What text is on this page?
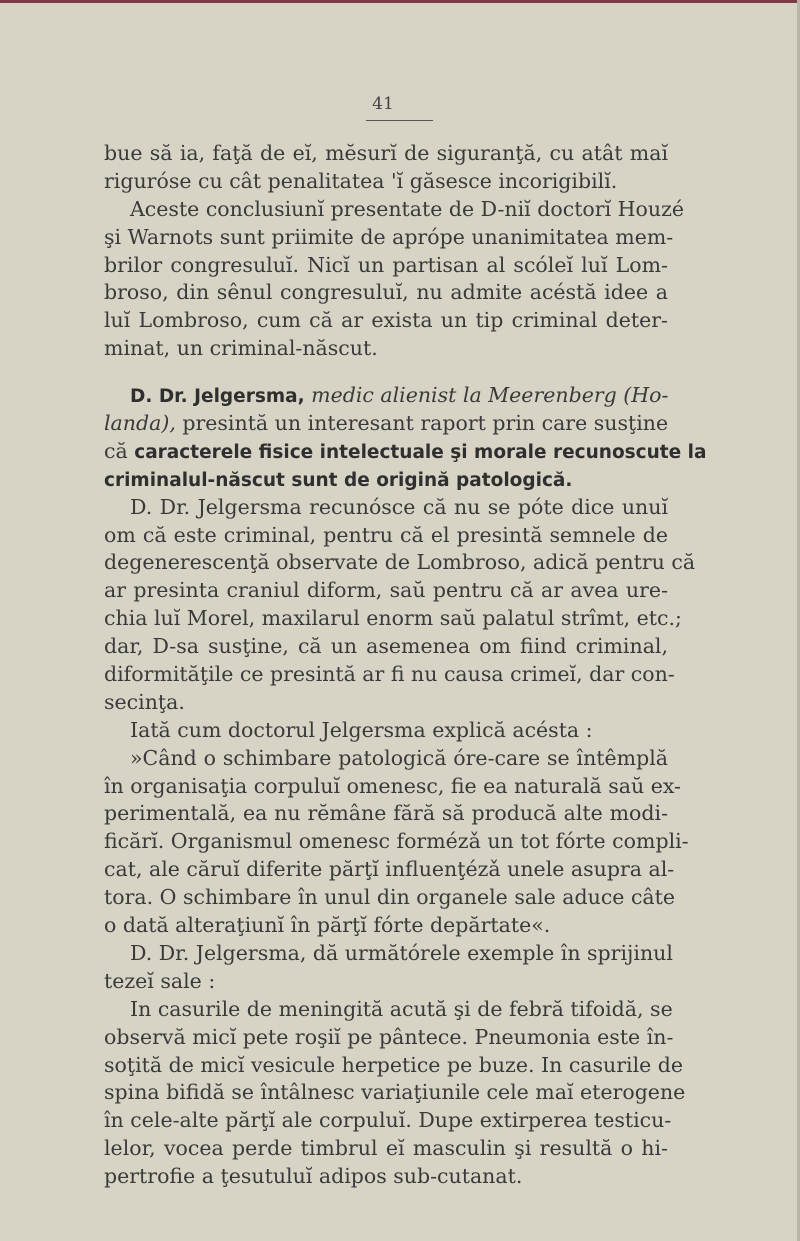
41
bue să ia, faţă de eĭ, mĕsurĭ de siguranţă, cu atât maĭ
riguróse cu cât penalitatea 'ĭ găsesce incorigibilĭ.
Aceste conclusiunĭ presentate de D-niĭ doctorĭ Houzé
şi Warnots sunt priimite de aprópe unanimitatea mem-
brilor congresuluĭ. Nicĭ un partisan al scóleĭ luĭ Lom-
broso, din sênul congresuluĭ, nu admite acéstă idee a
luĭ Lombroso, cum că ar exista un tip criminal deter-
minat, un criminal-născut.
D. Dr. Jelgersma, medic alienist la Meerenberg (Ho-
landa), presintă un interesant raport prin care susţine
că caracterele fisice intelectuale şi morale recunoscute la
criminalul-născut sunt de origină patologică.
D. Dr. Jelgersma recunósce că nu se póte dice unuĭ
om că este criminal, pentru că el presintă semnele de
degenerescenţă observate de Lombroso, adică pentru că
ar presinta craniul diform, saŭ pentru că ar avea ure-
chia luĭ Morel, maxilarul enorm saŭ palatul strîmt, etc.;
dar, D-sa susţine, că un asemenea om fiind criminal,
diformităţile ce presintă ar fi nu causa crimeĭ, dar con-
secinţa.
Iată cum doctorul Jelgersma explică acésta :
»Când o schimbare patologică óre-care se întêmplă
în organisaţia corpuluĭ omenesc, fie ea naturală saŭ ex-
perimentală, ea nu rĕmâne fără să producă alte modi-
ficărĭ. Organismul omenesc formézǎ un tot fórte compli-
cat, ale căruĭ diferite părţĭ influenţézǎ unele asupra al-
tora. O schimbare în unul din organele sale aduce câte
o dată alteraţiunĭ în părţĭ fórte depărtate«.
D. Dr. Jelgersma, dă următórele exemple în sprijinul
tezeĭ sale :
In casurile de meningită acută şi de febră tifoidă, se
observă micĭ pete roşiĭ pe pântece. Pneumonia este în-
soţită de micĭ vesicule herpetice pe buze. In casurile de
spina bifidă se întâlnesc variaţiunile cele maĭ eterogene
în cele-alte părţĭ ale corpuluĭ. Dupe extirperea testicu-
lelor, vocea perde timbrul eĭ masculin şi resultă o hi-
pertrofie a ţesutuluĭ adipos sub-cutanat.
